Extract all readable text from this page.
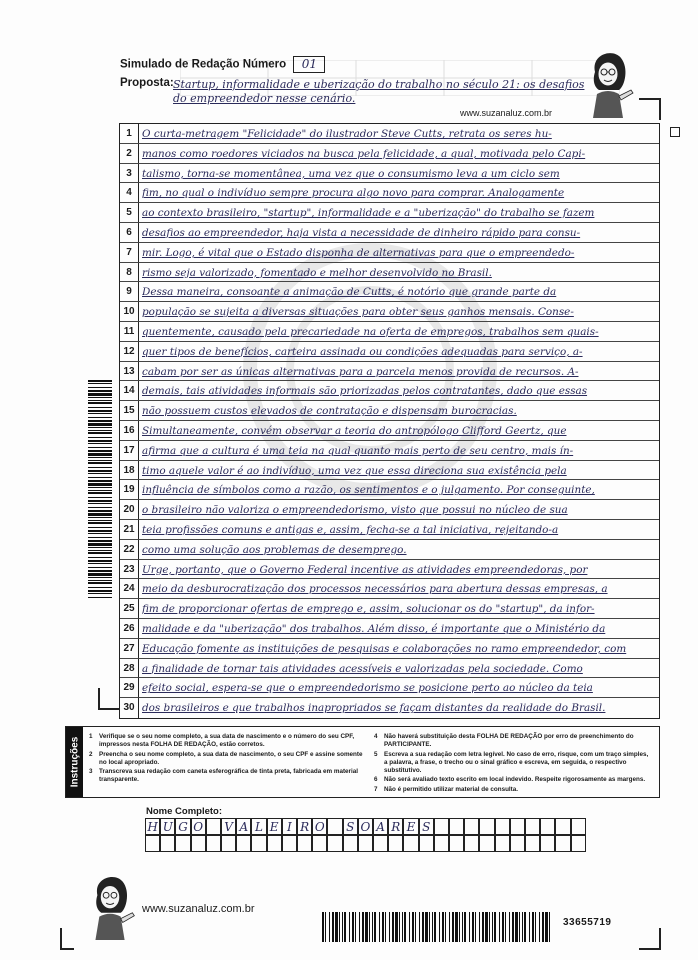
Simulado de Redação Número 01
Proposta: Startup, informalidade e uberização do trabalho no século 21: os desafios
do empreendedor nesse cenário.
www.suzanaluz.com.br
1 O curta-metragem "Felicidade" do ilustrador Steve Cutts, retrata os seres hu-
2 manos como roedores viciados na busca pela felicidade, a qual, motivada pelo Capi-
3 talismo, torna-se momentânea, uma vez que o consumismo leva a um ciclo sem
4 fim, no qual o indivíduo sempre procura algo novo para comprar. Analogamente
5 ao contexto brasileiro, "startup", informalidade e a "uberização" do trabalho se fazem
6 desafios ao empreendedor, haja vista a necessidade de dinheiro rápido para consu-
7 mir. Logo, é vital que o Estado disponha de alternativas para que o empreendedo-
8 rismo seja valorizado, fomentado e melhor desenvolvido no Brasil.
9 Dessa maneira, consoante a animação de Cutts, é notório que grande parte da
10 população se sujeita a diversas situações para obter seus ganhos mensais. Conse-
11 quentemente, causado pela precariedade na oferta de empregos, trabalhos sem quais-
12 quer tipos de benefícios, carteira assinada ou condições adequadas para serviço, a-
13 cabam por ser as únicas alternativas para a parcela menos provida de recursos. A-
14 demais, tais atividades informais são priorizadas pelos contratantes, dado que essas
15 não possuem custos elevados de contratação e dispensam burocracias.
16 Simultaneamente, convém observar a teoria do antropólogo Clifford Geertz, que
17 afirma que a cultura é uma teia na qual quanto mais perto de seu centro, mais ín-
18 timo aquele valor é ao indivíduo, uma vez que essa direciona sua existência pela
19 influência de símbolos como a razão, os sentimentos e o julgamento. Por conseguinte,
20 o brasileiro não valoriza o empreendedorismo, visto que possui no núcleo de sua
21 teia profissões comuns e antigas e, assim, fecha-se a tal iniciativa, rejeitando-a
22 como uma solução aos problemas de desemprego.
23 Urge, portanto, que o Governo Federal incentive as atividades empreendedoras, por
24 meio da desburocratização dos processos necessários para abertura dessas empresas, a
25 fim de proporcionar ofertas de emprego e, assim, solucionar os do "startup", da infor-
26 malidade e da "uberização" dos trabalhos. Além disso, é importante que o Ministério da
27 Educação fomente as instituições de pesquisas e colaborações no ramo empreendedor, com
28 a finalidade de tornar tais atividades acessíveis e valorizadas pela sociedade. Como
29 efeito social, espera-se que o empreendedorismo se posicione perto ao núcleo da teia
30 dos brasileiros e que trabalhos inapropriados se façam distantes da realidade do Brasil.
Instruções
1	Verifique se o seu nome completo, a sua data de nascimento e o número do seu CPF, impressos nesta FOLHA DE REDAÇÃO, estão corretos.
2	Preencha o seu nome completo, a sua data de nascimento, o seu CPF e assine somente no local apropriado.
3	Transcreva sua redação com caneta esferográfica de tinta preta, fabricada em material transparente.
4	Não haverá substituição desta FOLHA DE REDAÇÃO por erro de preenchimento do PARTICIPANTE.
5	Escreva a sua redação com letra legível. No caso de erro, risque, com um traço simples, a palavra, a frase, o trecho ou o sinal gráfico e escreva, em seguida, o respectivo substitutivo.
6	Não será avaliado texto escrito em local indevido. Respeite rigorosamente as margens.
7	Não é permitido utilizar material de consulta.
Nome Completo:
H U G O V A L E I R O S O A R E S
www.suzanaluz.com.br
33655719
